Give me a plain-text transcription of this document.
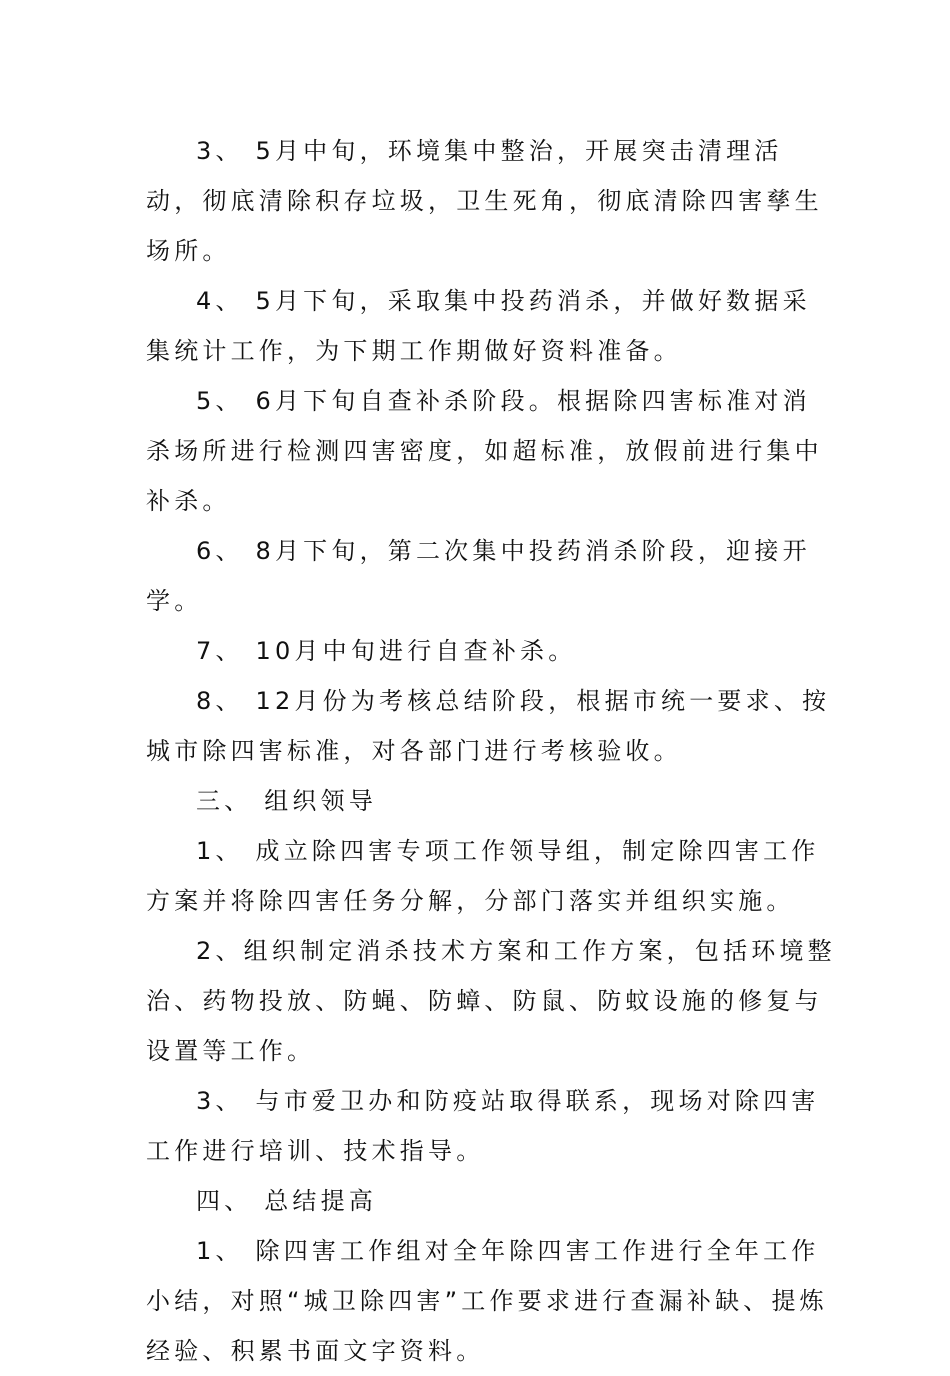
3、 5月中旬，环境集中整治，开展突击清理活动，彻底清除积存垃圾，卫生死角，彻底清除四害孳生场所。

4、 5月下旬，采取集中投药消杀，并做好数据采集统计工作，为下期工作期做好资料准备。

5、 6月下旬自查补杀阶段。根据除四害标准对消杀场所进行检测四害密度，如超标准，放假前进行集中补杀。

6、 8月下旬，第二次集中投药消杀阶段，迎接开学。

7、 10月中旬进行自查补杀。

8、 12月份为考核总结阶段，根据市统一要求、按城市除四害标准，对各部门进行考核验收。

三、 组织领导

1、 成立除四害专项工作领导组，制定除四害工作方案并将除四害任务分解，分部门落实并组织实施。

2、组织制定消杀技术方案和工作方案，包括环境整治、药物投放、防蝇、防蟑、防鼠、防蚊设施的修复与设置等工作。

3、 与市爱卫办和防疫站取得联系，现场对除四害工作进行培训、技术指导。

四、 总结提高

1、 除四害工作组对全年除四害工作进行全年工作小结，对照“城卫除四害”工作要求进行查漏补缺、提炼经验、积累书面文字资料。
